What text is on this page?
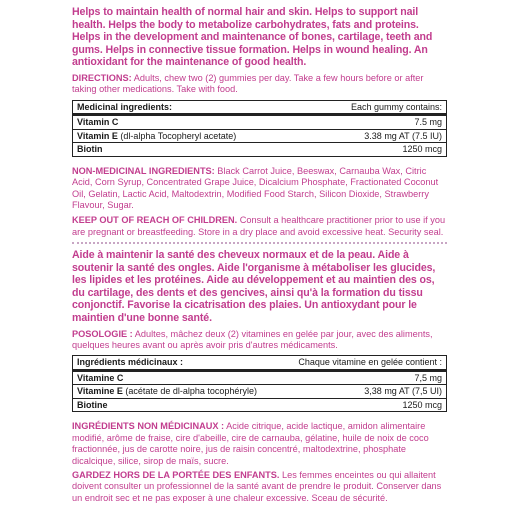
Helps to maintain health of normal hair and skin. Helps to support nail health. Helps the body to metabolize carbohydrates, fats and proteins. Helps in the development and maintenance of bones, cartilage, teeth and gums. Helps in connective tissue formation. Helps in wound healing. An antioxidant for the maintenance of good health.

DIRECTIONS: Adults, chew two (2) gummies per day. Take a few hours before or after taking other medications. Take with food.

Medicinal ingredients:	Each gummy contains:
Vitamin C	7.5 mg
Vitamin E (dl-alpha Tocopheryl acetate)	3.38 mg AT (7.5 IU)
Biotin	1250 mcg

NON-MEDICINAL INGREDIENTS: Black Carrot Juice, Beeswax, Carnauba Wax, Citric Acid, Corn Syrup, Concentrated Grape Juice, Dicalcium Phosphate, Fractionated Coconut Oil, Gelatin, Lactic Acid, Maltodextrin, Modified Food Starch, Silicon Dioxide, Strawberry Flavour, Sugar.

KEEP OUT OF REACH OF CHILDREN. Consult a healthcare practitioner prior to use if you are pregnant or breastfeeding. Store in a dry place and avoid excessive heat. Security seal.

Aide à maintenir la santé des cheveux normaux et de la peau. Aide à soutenir la santé des ongles. Aide l'organisme à métaboliser les glucides, les lipides et les protéines. Aide au développement et au maintien des os, du cartilage, des dents et des gencives, ainsi qu'à la formation du tissu conjonctif. Favorise la cicatrisation des plaies. Un antioxydant pour le maintien d'une bonne santé.

POSOLOGIE : Adultes, mâchez deux (2) vitamines en gelée par jour, avec des aliments, quelques heures avant ou après avoir pris d'autres médicaments.

Ingrédients médicinaux :	Chaque vitamine en gelée contient :
Vitamine C	7,5 mg
Vitamine E (acétate de dl-alpha tocophéryle)	3,38 mg AT (7,5 UI)
Biotine	1250 mcg

INGRÉDIENTS NON MÉDICINAUX : Acide citrique, acide lactique, amidon alimentaire modifié, arôme de fraise, cire d'abeille, cire de carnauba, gélatine, huile de noix de coco fractionnée, jus de carotte noire, jus de raisin concentré, maltodextrine, phosphate dicalcique, silice, sirop de maïs, sucre.

GARDEZ HORS DE LA PORTÉE DES ENFANTS. Les femmes enceintes ou qui allaitent doivent consulter un professionnel de la santé avant de prendre le produit. Conserver dans un endroit sec et ne pas exposer à une chaleur excessive. Sceau de sécurité.
